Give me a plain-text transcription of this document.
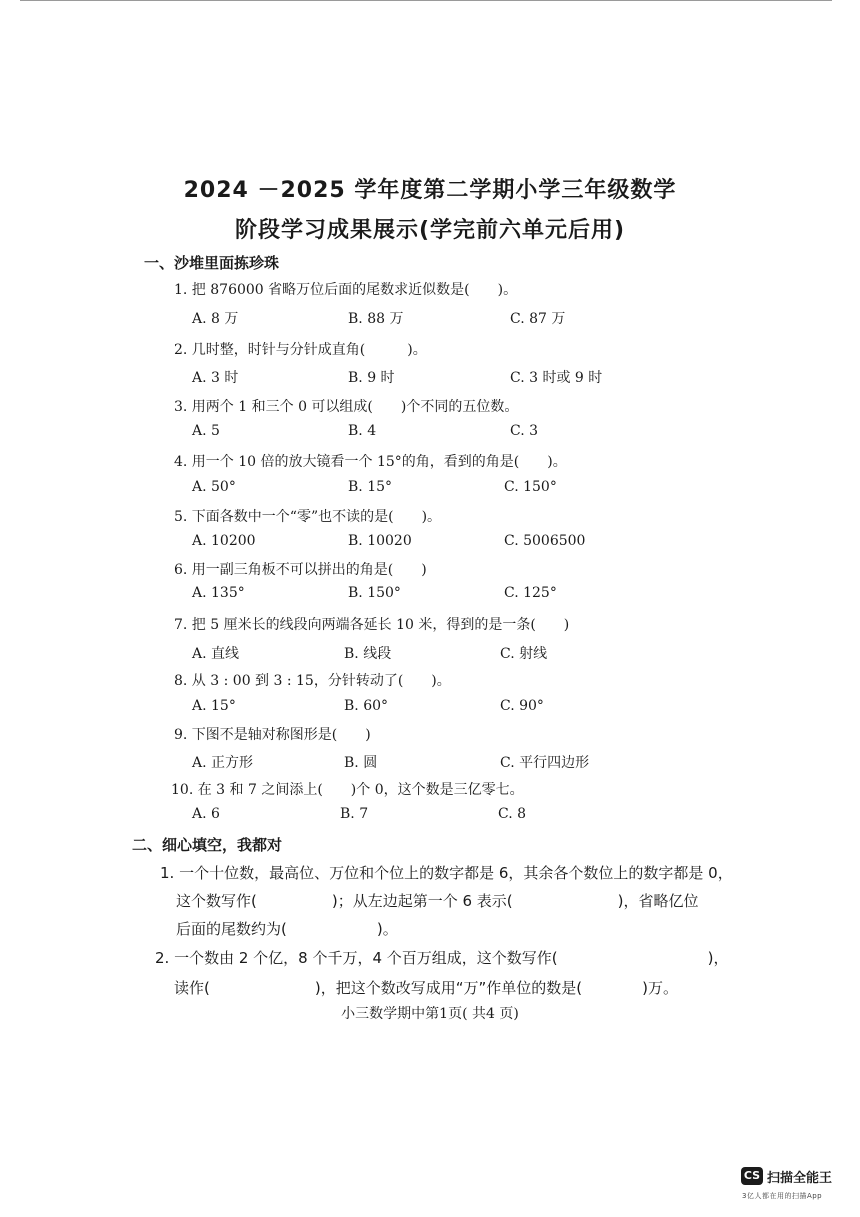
2024 －2025 学年度第二学期小学三年级数学
阶段学习成果展示(学完前六单元后用)
一、沙堆里面拣珍珠
1. 把 876000 省略万位后面的尾数求近似数是(　　)。
A. 8 万	B. 88 万	C. 87 万
2. 几时整，时针与分针成直角(　　　)。
A. 3 时	B. 9 时	C. 3 时或 9 时
3. 用两个 1 和三个 0 可以组成(　　)个不同的五位数。
A. 5	B. 4	C. 3
4. 用一个 10 倍的放大镜看一个 15°的角，看到的角是(　　)。
A. 50°	B. 15°	C. 150°
5. 下面各数中一个“零”也不读的是(　　)。
A. 10200	B. 10020	C. 5006500
6. 用一副三角板不可以拼出的角是(　　)
A. 135°	B. 150°	C. 125°
7. 把 5 厘米长的线段向两端各延长 10 米，得到的是一条(　　)
A. 直线	B. 线段	C. 射线
8. 从 3 : 00 到 3 : 15，分针转动了(　　)。
A. 15°	B. 60°	C. 90°
9. 下图不是轴对称图形是(　　)
A. 正方形	B. 圆	C. 平行四边形
10. 在 3 和 7 之间添上(　　)个 0，这个数是三亿零七。
A. 6	B. 7	C. 8
二、细心填空，我都对
1. 一个十位数，最高位、万位和个位上的数字都是 6，其余各个数位上的数字都是 0，
这个数写作(　　　　　)；从左边起第一个 6 表示(　　　　　　　)，省略亿位
后面的尾数约为(　　　　　　)。
2. 一个数由 2 个亿，8 个千万，4 个百万组成，这个数写作(　　　　　　　　　　)，
读作(　　　　　　　)，把这个数改写成用“万”作单位的数是(　　　　)万。
小三数学期中第1页( 共4 页)
CS 扫描全能王
3亿人都在用的扫描App
